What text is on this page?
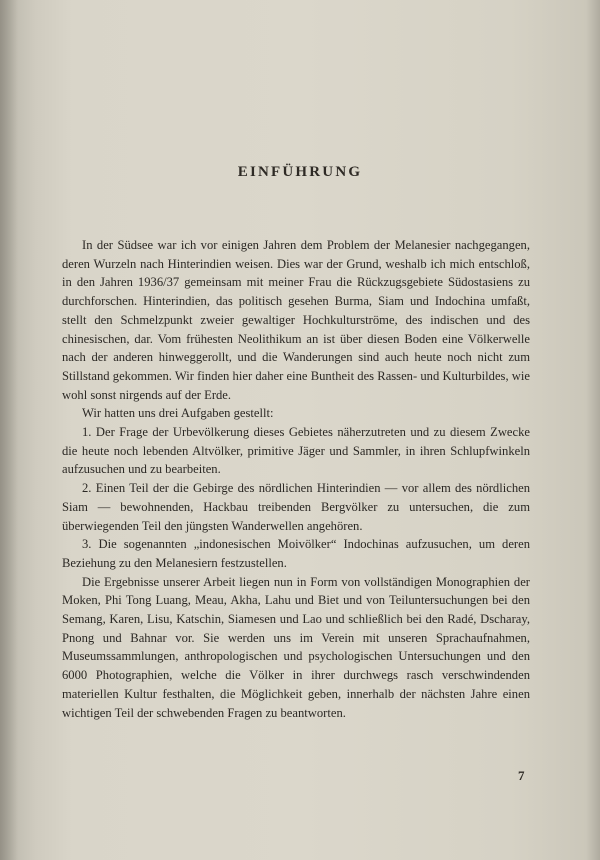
EINFÜHRUNG

In der Südsee war ich vor einigen Jahren dem Problem der Melanesier nachgegangen, deren Wurzeln nach Hinterindien weisen. Dies war der Grund, weshalb ich mich entschloß, in den Jahren 1936/37 gemeinsam mit meiner Frau die Rückzugsgebiete Südostasiens zu durchforschen. Hinterindien, das politisch gesehen Burma, Siam und Indochina umfaßt, stellt den Schmelzpunkt zweier gewaltiger Hochkulturströme, des indischen und des chinesischen, dar. Vom frühesten Neolithikum an ist über diesen Boden eine Völkerwelle nach der anderen hinweggerollt, und die Wanderungen sind auch heute noch nicht zum Stillstand gekommen. Wir finden hier daher eine Buntheit des Rassen- und Kulturbildes, wie wohl sonst nirgends auf der Erde.

Wir hatten uns drei Aufgaben gestellt:

1. Der Frage der Urbevölkerung dieses Gebietes näherzutreten und zu diesem Zwecke die heute noch lebenden Altvölker, primitive Jäger und Sammler, in ihren Schlupfwinkeln aufzusuchen und zu bearbeiten.

2. Einen Teil der die Gebirge des nördlichen Hinterindien — vor allem des nördlichen Siam — bewohnenden, Hackbau treibenden Bergvölker zu untersuchen, die zum überwiegenden Teil den jüngsten Wanderwellen angehören.

3. Die sogenannten „indonesischen Moivölker“ Indochinas aufzusuchen, um deren Beziehung zu den Melanesiern festzustellen.

Die Ergebnisse unserer Arbeit liegen nun in Form von vollständigen Monographien der Moken, Phi Tong Luang, Meau, Akha, Lahu und Biet und von Teiluntersuchungen bei den Semang, Karen, Lisu, Katschin, Siamesen und Lao und schließlich bei den Radé, Dscharay, Pnong und Bahnar vor. Sie werden uns im Verein mit unseren Sprachaufnahmen, Museumssammlungen, anthropologischen und psychologischen Untersuchungen und den 6000 Photographien, welche die Völker in ihrer durchwegs rasch verschwindenden materiellen Kultur festhalten, die Möglichkeit geben, innerhalb der nächsten Jahre einen wichtigen Teil der schwebenden Fragen zu beantworten.

7
